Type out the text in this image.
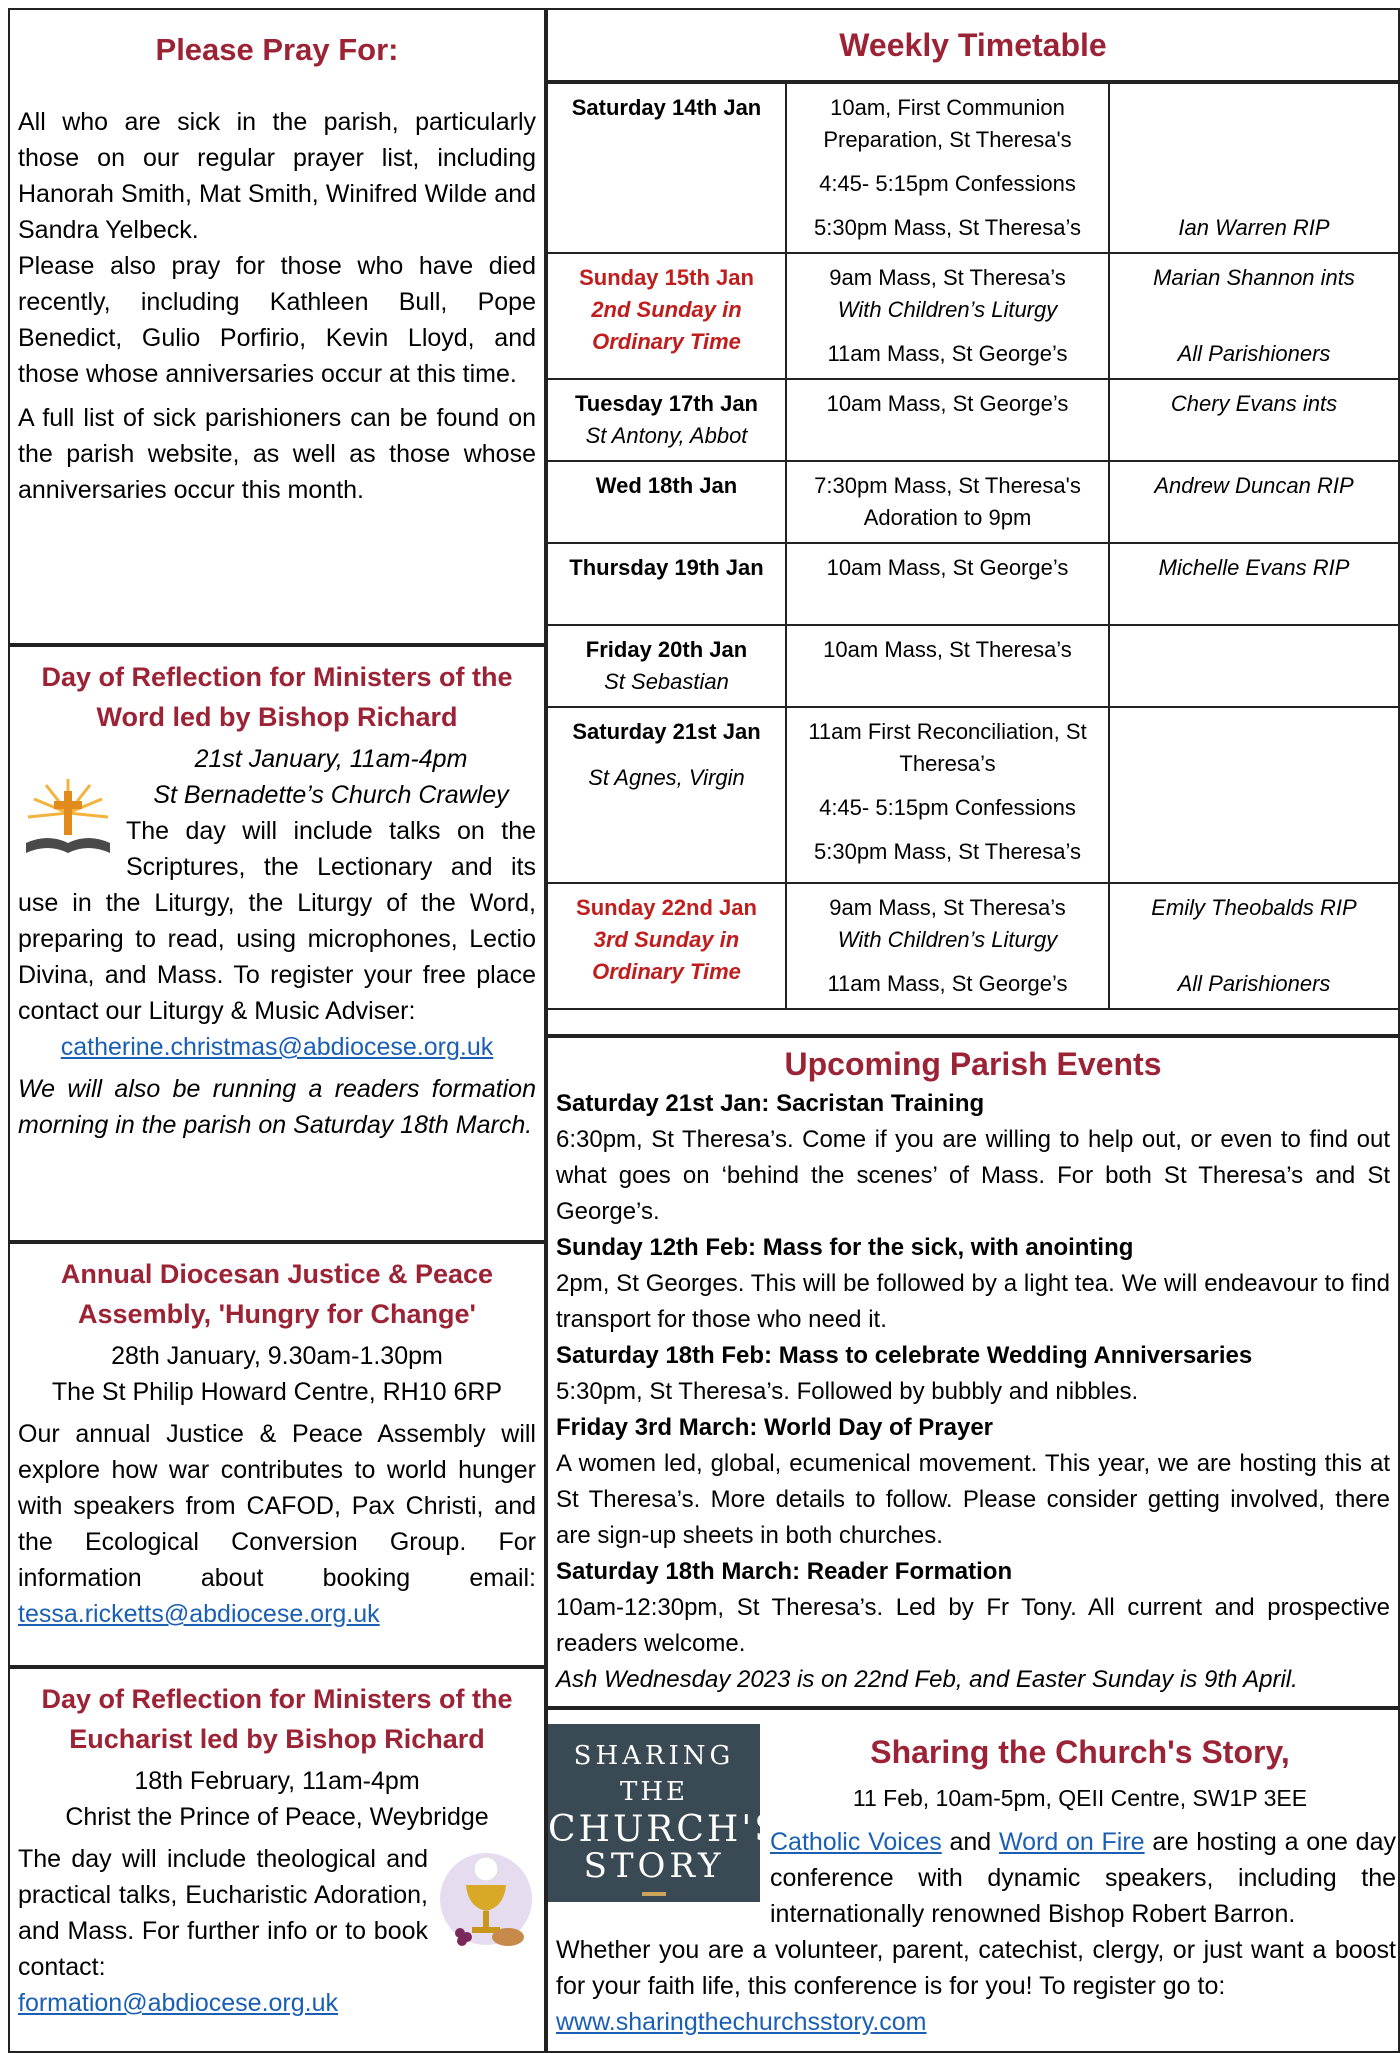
Please Pray For:

All who are sick in the parish, particularly those on our regular prayer list, including Hanorah Smith, Mat Smith, Winifred Wilde and Sandra Yelbeck.

Please also pray for those who have died recently, including Kathleen Bull, Pope Benedict, Gulio Porfirio, Kevin Lloyd, and those whose anniversaries occur at this time.

A full list of sick parishioners can be found on the parish website, as well as those whose anniversaries occur this month.

Day of Reflection for Ministers of the Word led by Bishop Richard
21st January, 11am-4pm
St Bernadette’s Church Crawley

The day will include talks on the Scriptures, the Lectionary and its use in the Liturgy, the Liturgy of the Word, preparing to read, using microphones, Lectio Divina, and Mass. To register your free place contact our Liturgy & Music Adviser:

catherine.christmas@abdiocese.org.uk

We will also be running a readers formation morning in the parish on Saturday 18th March.

Annual Diocesan Justice & Peace Assembly, 'Hungry for Change'
28th January, 9.30am-1.30pm
The St Philip Howard Centre, RH10 6RP

Our annual Justice & Peace Assembly will explore how war contributes to world hunger with speakers from CAFOD, Pax Christi, and the Ecological Conversion Group. For information about booking email: tessa.ricketts@abdiocese.org.uk

Day of Reflection for Ministers of the Eucharist led by Bishop Richard
18th February, 11am-4pm
Christ the Prince of Peace, Weybridge

The day will include theological and practical talks, Eucharistic Adoration, and Mass. For further info or to book contact:

formation@abdiocese.org.uk
Weekly Timetable
Saturday 14th Jan	10am, First Communion Preparation, St Theresa's
4:45- 5:15pm Confessions
5:30pm Mass, St Theresa’s	Ian Warren RIP

Sunday 15th Jan
2nd Sunday in Ordinary Time	9am Mass, St Theresa’s
With Children’s Liturgy
11am Mass, St George’s	Marian Shannon ints
All Parishioners

Tuesday 17th Jan
St Antony, Abbot	10am Mass, St George’s	Chery Evans ints

Wed 18th Jan	7:30pm Mass, St Theresa's Adoration to 9pm	Andrew Duncan RIP

Thursday 19th Jan	10am Mass, St George’s	Michelle Evans RIP

Friday 20th Jan
St Sebastian	10am Mass, St Theresa’s	

Saturday 21st Jan
St Agnes, Virgin	11am First Reconciliation, St Theresa’s
4:45- 5:15pm Confessions
5:30pm Mass, St Theresa’s	

Sunday 22nd Jan
3rd Sunday in Ordinary Time	9am Mass, St Theresa’s
With Children’s Liturgy
11am Mass, St George’s	Emily Theobalds RIP
All Parishioners
Upcoming Parish Events
Saturday 21st Jan: Sacristan Training

6:30pm, St Theresa’s. Come if you are willing to help out, or even to find out what goes on ‘behind the scenes’ of Mass. For both St Theresa’s and St George’s.

Sunday 12th Feb: Mass for the sick, with anointing

2pm, St Georges. This will be followed by a light tea. We will endeavour to find transport for those who need it.

Saturday 18th Feb: Mass to celebrate Wedding Anniversaries

5:30pm, St Theresa’s. Followed by bubbly and nibbles.

Friday 3rd March: World Day of Prayer

A women led, global, ecumenical movement. This year, we are hosting this at St Theresa’s. More details to follow. Please consider getting involved, there are sign-up sheets in both churches.

Saturday 18th March: Reader Formation

10am-12:30pm, St Theresa’s. Led by Fr Tony. All current and prospective readers welcome.

Ash Wednesday 2023 is on 22nd Feb, and Easter Sunday is 9th April.

SHARING
THE
CHURCH'S
STORY
Sharing the Church's Story,
11 Feb, 10am-5pm, QEII Centre, SW1P 3EE

Catholic Voices and Word on Fire are hosting a one day conference with dynamic speakers, including the internationally renowned Bishop Robert Barron.

Whether you are a volunteer, parent, catechist, clergy, or just want a boost for your faith life, this conference is for you! To register go to:
www.sharingthechurchsstory.com
